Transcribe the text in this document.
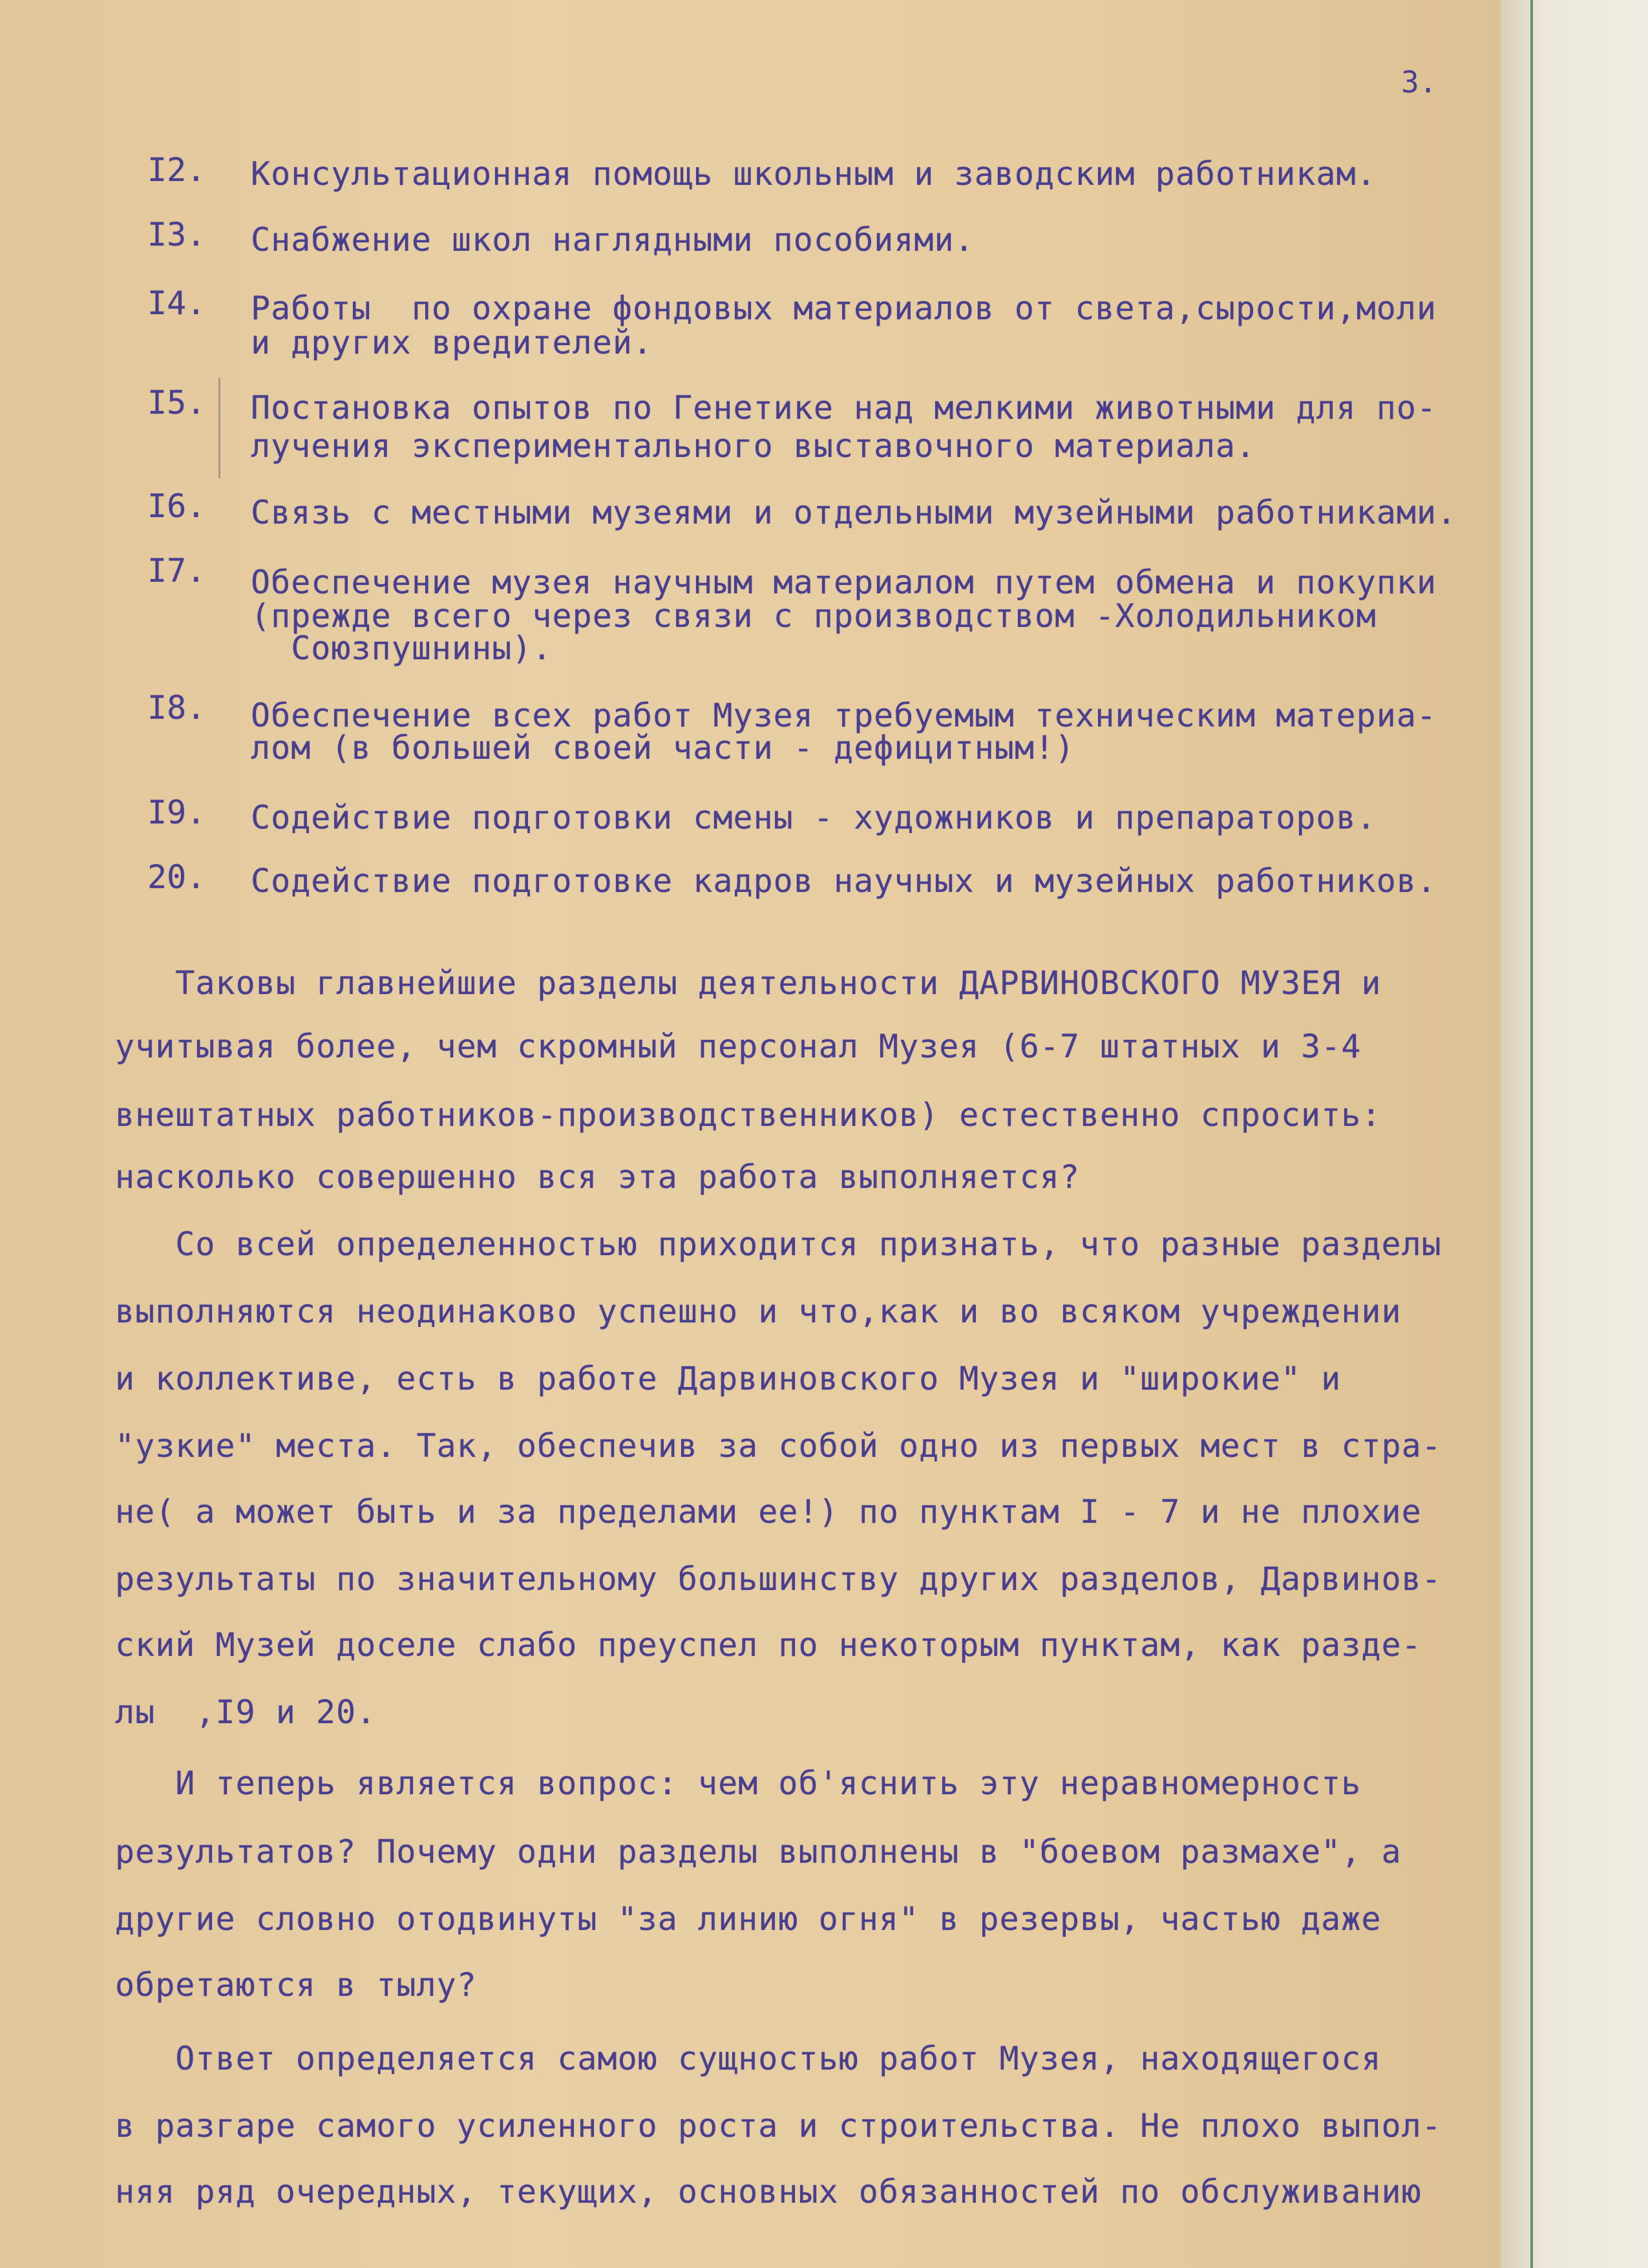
3.
I2. Консультационная помощь школьным и заводским работникам.
I3. Снабжение школ наглядными пособиями.
I4. Работы  по охране фондовых материалов от света,сырости,моли
и других вредителей.
I5. Постановка опытов по Генетике над мелкими животными для по-
лучения экспериментального выставочного материала.
I6. Связь с местными музеями и отдельными музейными работниками.
I7. Обеспечение музея научным материалом путем обмена и покупки
(прежде всего через связи с производством -Холодильником
Союзпушнины).
I8. Обеспечение всех работ Музея требуемым техническим материа-
лом (в большей своей части - дефицитным!)
I9. Содействие подготовки смены - художников и препараторов.
20. Содействие подготовке кадров научных и музейных работников.
Таковы главнейшие разделы деятельности ДАРВИНОВСКОГО МУЗЕЯ и
учитывая более, чем скромный персонал Музея (6-7 штатных и 3-4
внештатных работников-производственников) естественно спросить:
насколько совершенно вся эта работа выполняется?
Со всей определенностью приходится признать, что разные разделы
выполняются неодинаково успешно и что,как и во всяком учреждении
и коллективе, есть в работе Дарвиновского Музея и "широкие" и
"узкие" места. Так, обеспечив за собой одно из первых мест в стра-
не( а может быть и за пределами ее!) по пунктам I - 7 и не плохие
результаты по значительному большинству других разделов, Дарвинов-
ский Музей доселе слабо преуспел по некоторым пунктам, как разде-
лы  ,I9 и 20.
И теперь является вопрос: чем об'яснить эту неравномерность
результатов? Почему одни разделы выполнены в "боевом размахе", а
другие словно отодвинуты "за линию огня" в резервы, частью даже
обретаются в тылу?
Ответ определяется самою сущностью работ Музея, находящегося
в разгаре самого усиленного роста и строительства. Не плохо выпол-
няя ряд очередных, текущих, основных обязанностей по обслуживанию
